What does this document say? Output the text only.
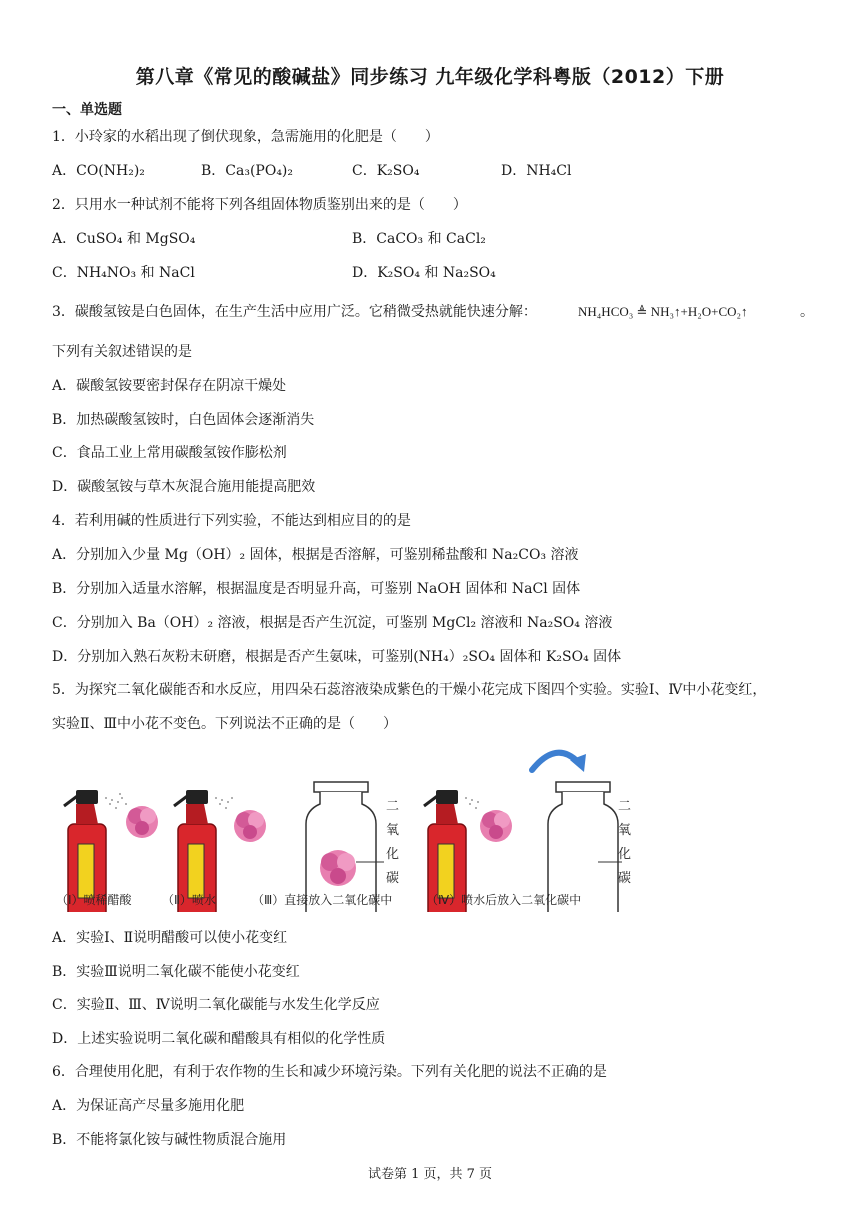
第八章《常见的酸碱盐》同步练习 九年级化学科粤版（2012）下册
一、单选题
1．小玲家的水稻出现了倒伏现象，急需施用的化肥是（　　）
A．CO(NH₂)₂	B．Ca₃(PO₄)₂	C．K₂SO₄	D．NH₄Cl
2．只用水一种试剂不能将下列各组固体物质鉴别出来的是（　　）
A．CuSO₄ 和 MgSO₄	B．CaCO₃ 和 CaCl₂
C．NH₄NO₃ 和 NaCl	D．K₂SO₄ 和 Na₂SO₄
3．碳酸氢铵是白色固体，在生产生活中应用广泛。它稍微受热就能快速分解：	NH₄HCO₃ ≜ NH₃↑+H₂O+CO₂↑	。
下列有关叙述错误的是
A．碳酸氢铵要密封保存在阴凉干燥处
B．加热碳酸氢铵时，白色固体会逐渐消失
C．食品工业上常用碳酸氢铵作膨松剂
D．碳酸氢铵与草木灰混合施用能提高肥效
4．若利用碱的性质进行下列实验，不能达到相应目的的是
A．分别加入少量 Mg（OH）₂ 固体，根据是否溶解，可鉴别稀盐酸和 Na₂CO₃ 溶液
B．分别加入适量水溶解，根据温度是否明显升高，可鉴别 NaOH 固体和 NaCl 固体
C．分别加入 Ba（OH）₂ 溶液，根据是否产生沉淀，可鉴别 MgCl₂ 溶液和 Na₂SO₄ 溶液
D．分别加入熟石灰粉末研磨，根据是否产生氨味，可鉴别(NH₄）₂SO₄ 固体和 K₂SO₄ 固体
5．为探究二氧化碳能否和水反应，用四朵石蕊溶液染成紫色的干燥小花完成下图四个实验。实验Ⅰ、Ⅳ中小花变红，
实验Ⅱ、Ⅲ中小花不变色。下列说法不正确的是（　　）
二
氧
化
碳
二
氧
化
碳
（Ⅰ）喷稀醋酸	（Ⅱ）喷水	（Ⅲ）直接放入二氧化碳中	（Ⅳ）喷水后放入二氧化碳中
A．实验Ⅰ、Ⅱ说明醋酸可以使小花变红
B．实验Ⅲ说明二氧化碳不能使小花变红
C．实验Ⅱ、Ⅲ、Ⅳ说明二氧化碳能与水发生化学反应
D．上述实验说明二氧化碳和醋酸具有相似的化学性质
6．合理使用化肥，有利于农作物的生长和减少环境污染。下列有关化肥的说法不正确的是
A．为保证高产尽量多施用化肥
B．不能将氯化铵与碱性物质混合施用
试卷第 1 页，共 7 页
